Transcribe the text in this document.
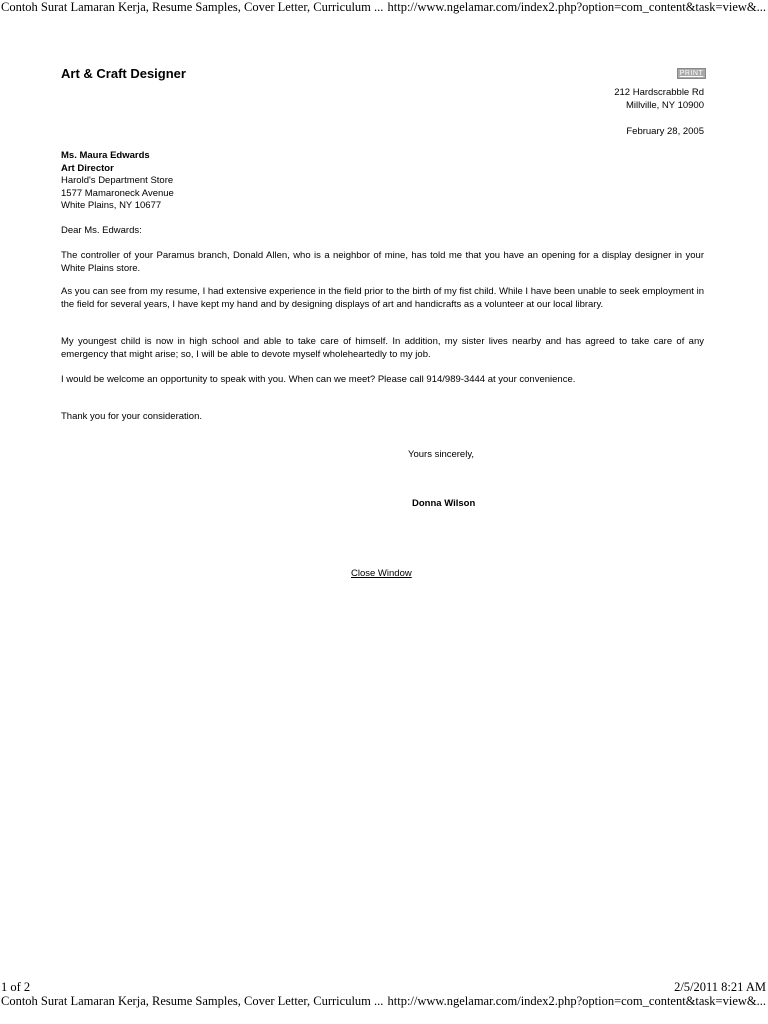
Contoh Surat Lamaran Kerja, Resume Samples, Cover Letter, Curriculum ... http://www.ngelamar.com/index2.php?option=com_content&task=view&...
Art & Craft Designer	PRINT
212 Hardscrabble Rd
Millville, NY 10900
February 28, 2005
Ms. Maura Edwards
Art Director
Harold's Department Store
1577 Mamaroneck Avenue
White Plains, NY 10677
Dear Ms. Edwards:
The controller of your Paramus branch, Donald Allen, who is a neighbor of mine, has told me that you have an opening for a display designer in your White Plains store.
As you can see from my resume, I had extensive experience in the field prior to the birth of my fist child. While I have been unable to seek employment in the field for several years, I have kept my hand and by designing displays of art and handicrafts as a volunteer at our local library.
My youngest child is now in high school and able to take care of himself. In addition, my sister lives nearby and has agreed to take care of any emergency that might arise; so, I will be able to devote myself wholeheartedly to my job.
I would be welcome an opportunity to speak with you. When can we meet? Please call 914/989-3444 at your convenience.
Thank you for your consideration.
Yours sincerely,
Donna Wilson
Close Window
1 of 2	2/5/2011 8:21 AM
Contoh Surat Lamaran Kerja, Resume Samples, Cover Letter, Curriculum ... http://www.ngelamar.com/index2.php?option=com_content&task=view&...
